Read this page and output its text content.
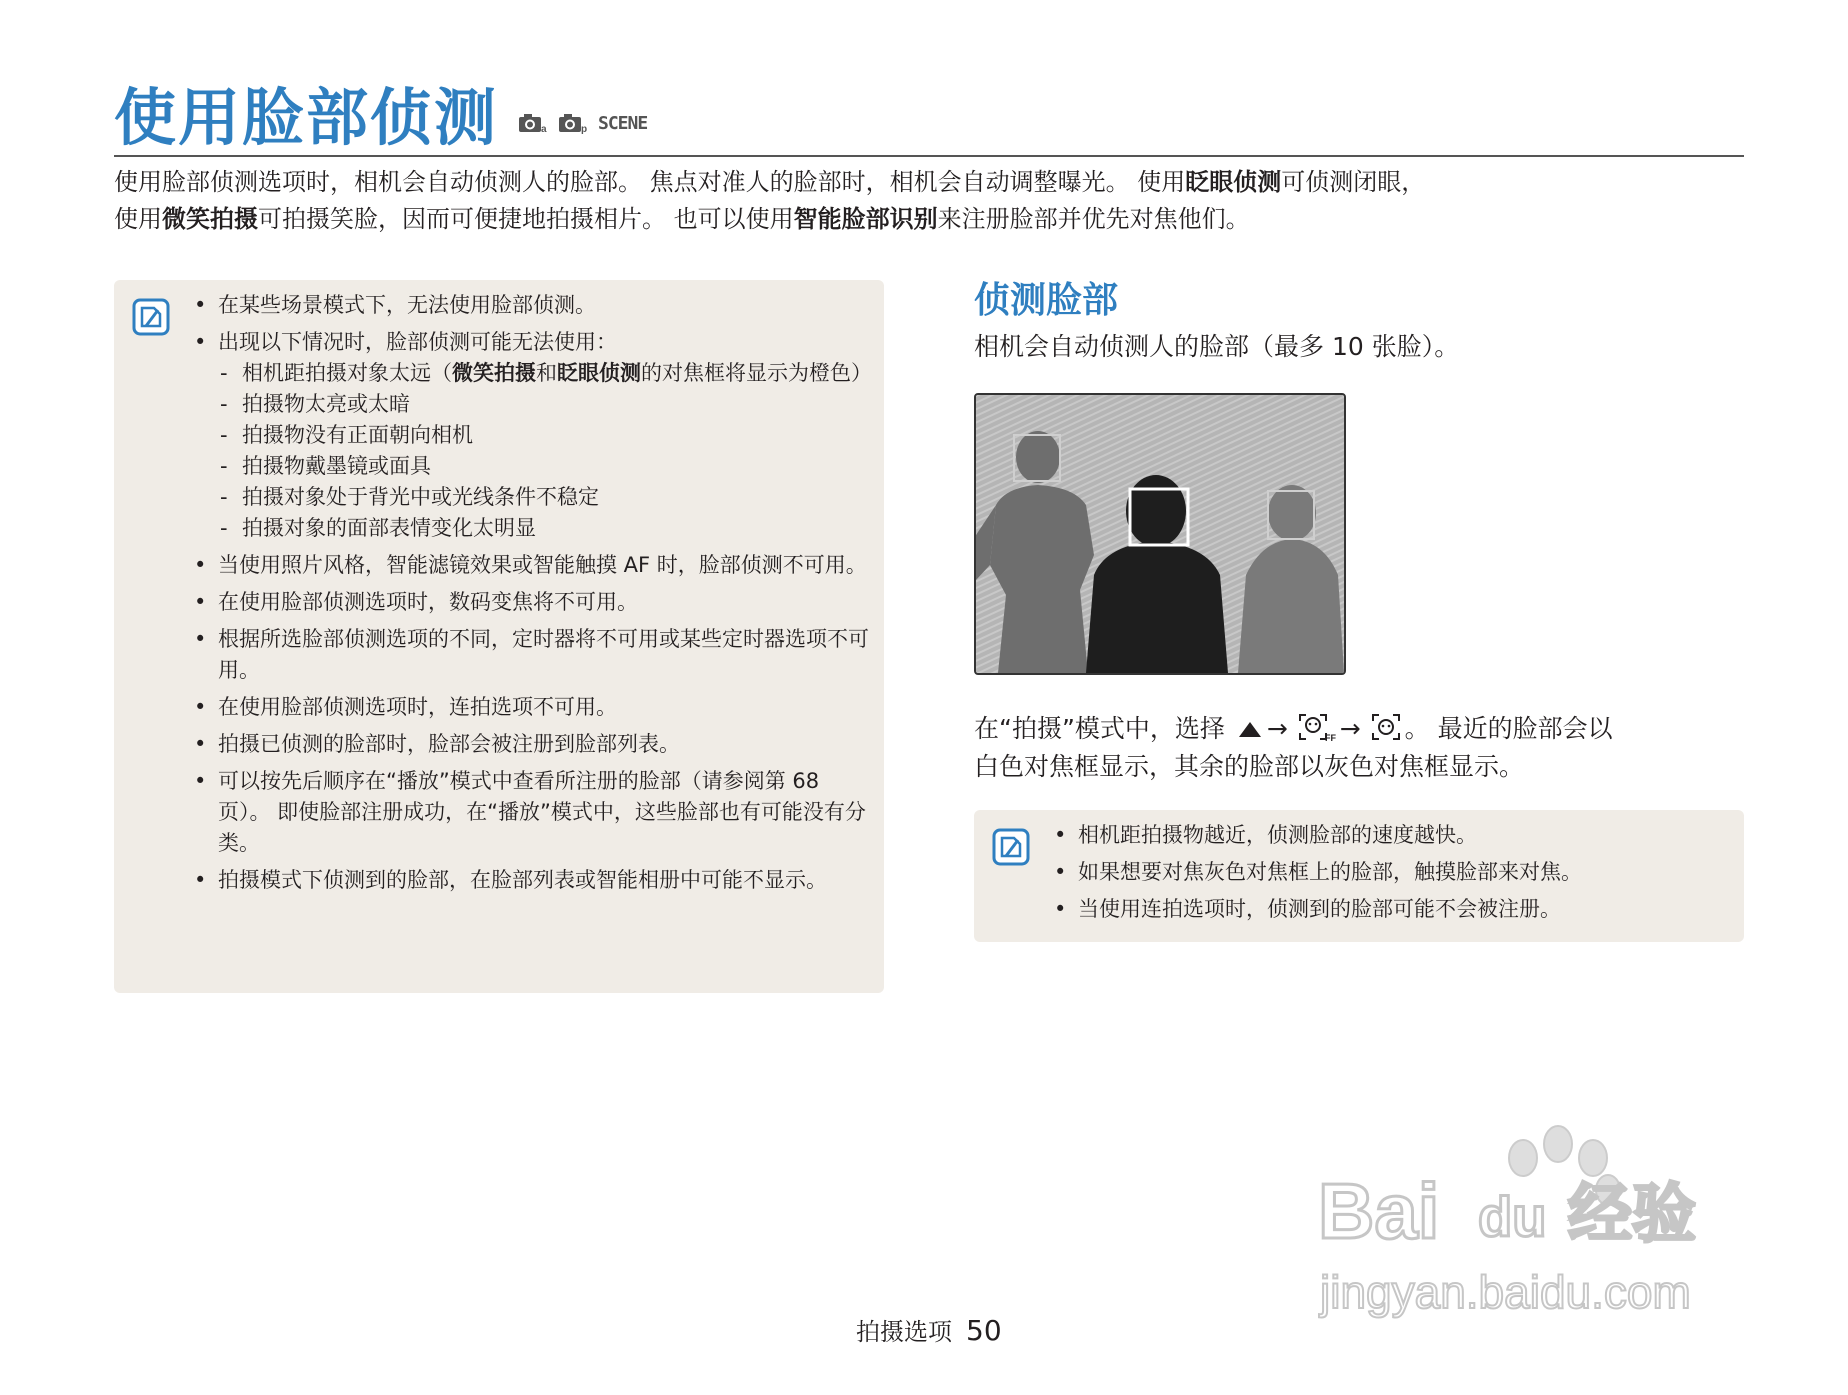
使用脸部侦测	a	p SCENE
使用脸部侦测选项时，相机会自动侦测人的脸部。 焦点对准人的脸部时，相机会自动调整曝光。 使用眨眼侦测可侦测闭眼，
使用微笑拍摄可拍摄笑脸，因而可便捷地拍摄相片。 也可以使用智能脸部识别来注册脸部并优先对焦他们。
• 在某些场景模式下，无法使用脸部侦测。
• 出现以下情况时，脸部侦测可能无法使用：
- 相机距拍摄对象太远（微笑拍摄和眨眼侦测的对焦框将显示为橙色）
- 拍摄物太亮或太暗
- 拍摄物没有正面朝向相机
- 拍摄物戴墨镜或面具
- 拍摄对象处于背光中或光线条件不稳定
- 拍摄对象的面部表情变化太明显
• 当使用照片风格，智能滤镜效果或智能触摸 AF 时，脸部侦测不可用。
• 在使用脸部侦测选项时，数码变焦将不可用。
• 根据所选脸部侦测选项的不同，定时器将不可用或某些定时器选项不可用。
• 在使用脸部侦测选项时，连拍选项不可用。
• 拍摄已侦测的脸部时，脸部会被注册到脸部列表。
• 可以按先后顺序在“播放”模式中查看所注册的脸部（请参阅第 68 页）。 即使脸部注册成功，在“播放”模式中，这些脸部也有可能没有分类。
• 拍摄模式下侦测到的脸部，在脸部列表或智能相册中可能不显示。
侦测脸部
相机会自动侦测人的脸部（最多 10 张脸）。
在“拍摄”模式中，选择 →	FF → 。 最近的脸部会以
白色对焦框显示，其余的脸部以灰色对焦框显示。
• 相机距拍摄物越近，侦测脸部的速度越快。
• 如果想要对焦灰色对焦框上的脸部，触摸脸部来对焦。
• 当使用连拍选项时，侦测到的脸部可能不会被注册。
Bai du 经验
jingyan.baidu.com
拍摄选项 50
